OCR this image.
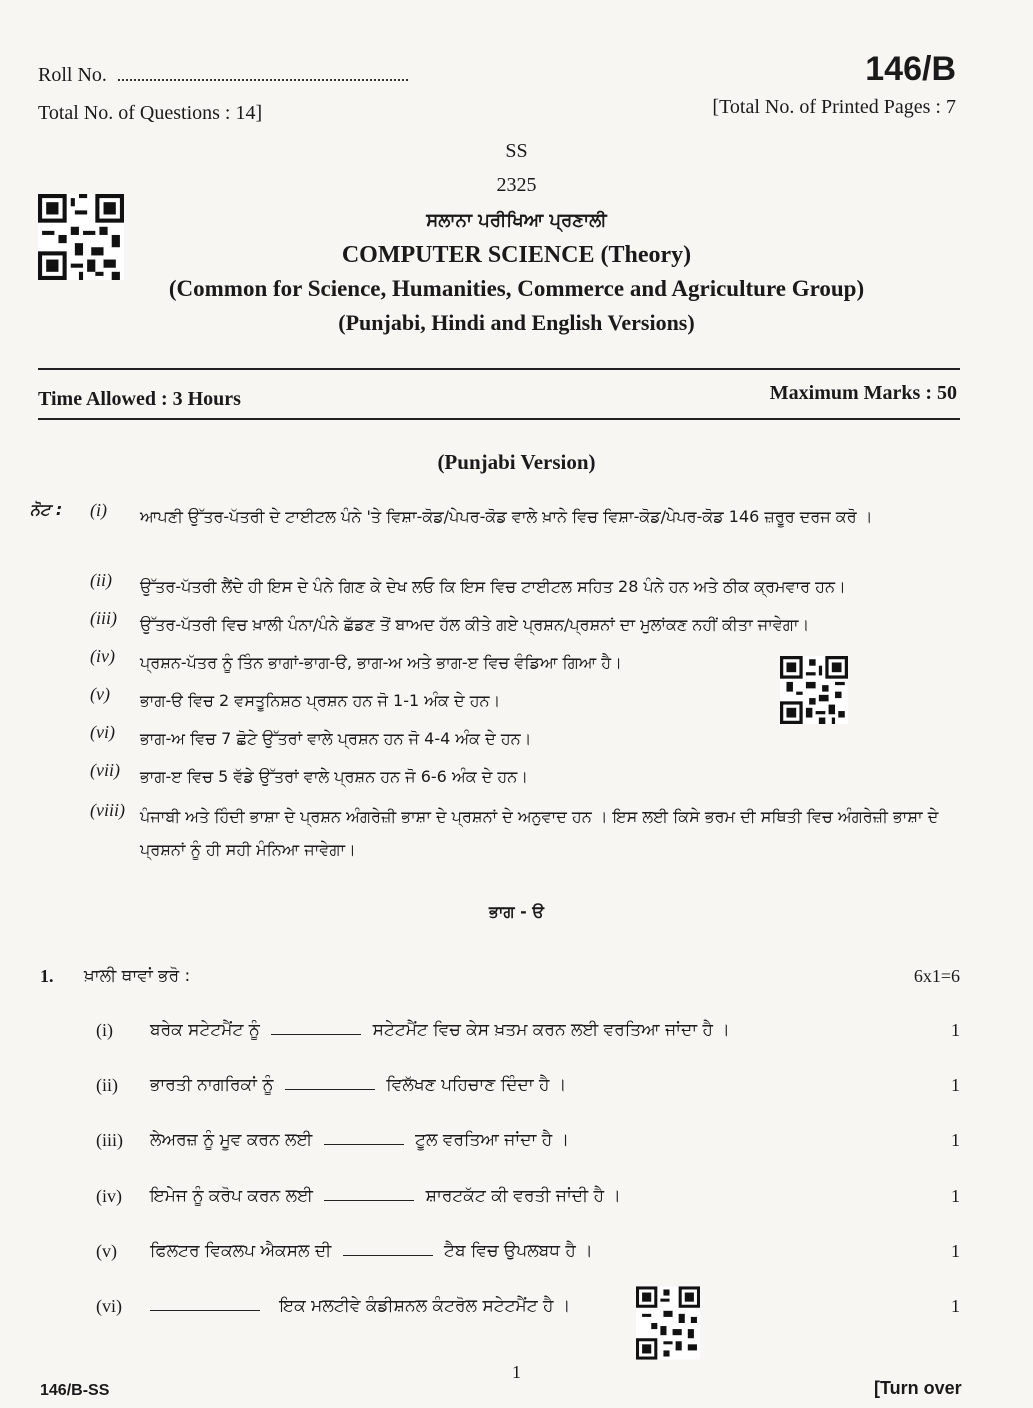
Roll No.
Total No. of Questions : 14]
146/B
[Total No. of Printed Pages : 7
SS
2325
ਸਲਾਨਾ ਪਰੀਖਿਆ ਪ੍ਰਣਾਲੀ
COMPUTER SCIENCE (Theory)
(Common for Science, Humanities, Commerce and Agriculture Group)
(Punjabi, Hindi and English Versions)
Time Allowed : 3 Hours	Maximum Marks : 50
(Punjabi Version)
ਨੋਟ : (i) ਆਪਣੀ ਉੱਤਰ-ਪੱਤਰੀ ਦੇ ਟਾਈਟਲ ਪੰਨੇ 'ਤੇ ਵਿਸ਼ਾ-ਕੋਡ/ਪੇਪਰ-ਕੋਡ ਵਾਲੇ ਖ਼ਾਨੇ ਵਿਚ ਵਿਸ਼ਾ-ਕੋਡ/ਪੇਪਰ-ਕੋਡ 146 ਜ਼ਰੂਰ ਦਰਜ ਕਰੋ ।
(ii) ਉੱਤਰ-ਪੱਤਰੀ ਲੈਂਦੇ ਹੀ ਇਸ ਦੇ ਪੰਨੇ ਗਿਣ ਕੇ ਦੇਖ ਲਓ ਕਿ ਇਸ ਵਿਚ ਟਾਈਟਲ ਸਹਿਤ 28 ਪੰਨੇ ਹਨ ਅਤੇ ਠੀਕ ਕ੍ਰਮਵਾਰ ਹਨ।
(iii) ਉੱਤਰ-ਪੱਤਰੀ ਵਿਚ ਖ਼ਾਲੀ ਪੰਨਾ/ਪੰਨੇ ਛੱਡਣ ਤੋਂ ਬਾਅਦ ਹੱਲ ਕੀਤੇ ਗਏ ਪ੍ਰਸ਼ਨ/ਪ੍ਰਸ਼ਨਾਂ ਦਾ ਮੁਲਾਂਕਣ ਨਹੀਂ ਕੀਤਾ ਜਾਵੇਗਾ।
(iv) ਪ੍ਰਸ਼ਨ-ਪੱਤਰ ਨੂੰ ਤਿੰਨ ਭਾਗਾਂ-ਭਾਗ-ੳ, ਭਾਗ-ਅ ਅਤੇ ਭਾਗ-ੲ ਵਿਚ ਵੰਡਿਆ ਗਿਆ ਹੈ।
(v) ਭਾਗ-ੳ ਵਿਚ 2 ਵਸਤੂਨਿਸ਼ਠ ਪ੍ਰਸ਼ਨ ਹਨ ਜੋ 1-1 ਅੰਕ ਦੇ ਹਨ।
(vi) ਭਾਗ-ਅ ਵਿਚ 7 ਛੋਟੇ ਉੱਤਰਾਂ ਵਾਲੇ ਪ੍ਰਸ਼ਨ ਹਨ ਜੋ 4-4 ਅੰਕ ਦੇ ਹਨ।
(vii) ਭਾਗ-ੲ ਵਿਚ 5 ਵੱਡੇ ਉੱਤਰਾਂ ਵਾਲੇ ਪ੍ਰਸ਼ਨ ਹਨ ਜੋ 6-6 ਅੰਕ ਦੇ ਹਨ।
(viii) ਪੰਜਾਬੀ ਅਤੇ ਹਿੰਦੀ ਭਾਸ਼ਾ ਦੇ ਪ੍ਰਸ਼ਨ ਅੰਗਰੇਜ਼ੀ ਭਾਸ਼ਾ ਦੇ ਪ੍ਰਸ਼ਨਾਂ ਦੇ ਅਨੁਵਾਦ ਹਨ । ਇਸ ਲਈ ਕਿਸੇ ਭਰਮ ਦੀ ਸਥਿਤੀ ਵਿਚ ਅੰਗਰੇਜ਼ੀ ਭਾਸ਼ਾ ਦੇ ਪ੍ਰਸ਼ਨਾਂ ਨੂੰ ਹੀ ਸਹੀ ਮੰਨਿਆ ਜਾਵੇਗਾ।
ਭਾਗ - ੳ
1. ਖ਼ਾਲੀ ਥਾਵਾਂ ਭਰੋ :	6x1=6
(i) ਬਰੇਕ ਸਟੇਟਮੈਂਟ ਨੂੰ	ਸਟੇਟਮੈਂਟ ਵਿਚ ਕੇਸ ਖ਼ਤਮ ਕਰਨ ਲਈ ਵਰਤਿਆ ਜਾਂਦਾ ਹੈ ।	1
(ii) ਭਾਰਤੀ ਨਾਗਰਿਕਾਂ ਨੂੰ	ਵਿਲੱਖਣ ਪਹਿਚਾਣ ਦਿੰਦਾ ਹੈ ।	1
(iii) ਲੇਅਰਜ਼ ਨੂੰ ਮੂਵ ਕਰਨ ਲਈ	ਟੂਲ ਵਰਤਿਆ ਜਾਂਦਾ ਹੈ ।	1
(iv) ਇਮੇਜ ਨੂੰ ਕਰੋਪ ਕਰਨ ਲਈ	ਸ਼ਾਰਟਕੱਟ ਕੀ ਵਰਤੀ ਜਾਂਦੀ ਹੈ ।	1
(v) ਫਿਲਟਰ ਵਿਕਲਪ ਐਕਸਲ ਦੀ	ਟੈਬ ਵਿਚ ਉਪਲਬਧ ਹੈ ।	1
(vi)	ਇਕ ਮਲਟੀਵੇ ਕੰਡੀਸ਼ਨਲ ਕੰਟਰੋਲ ਸਟੇਟਮੈਂਟ ਹੈ ।	1
1
146/B-SS	[Turn over
